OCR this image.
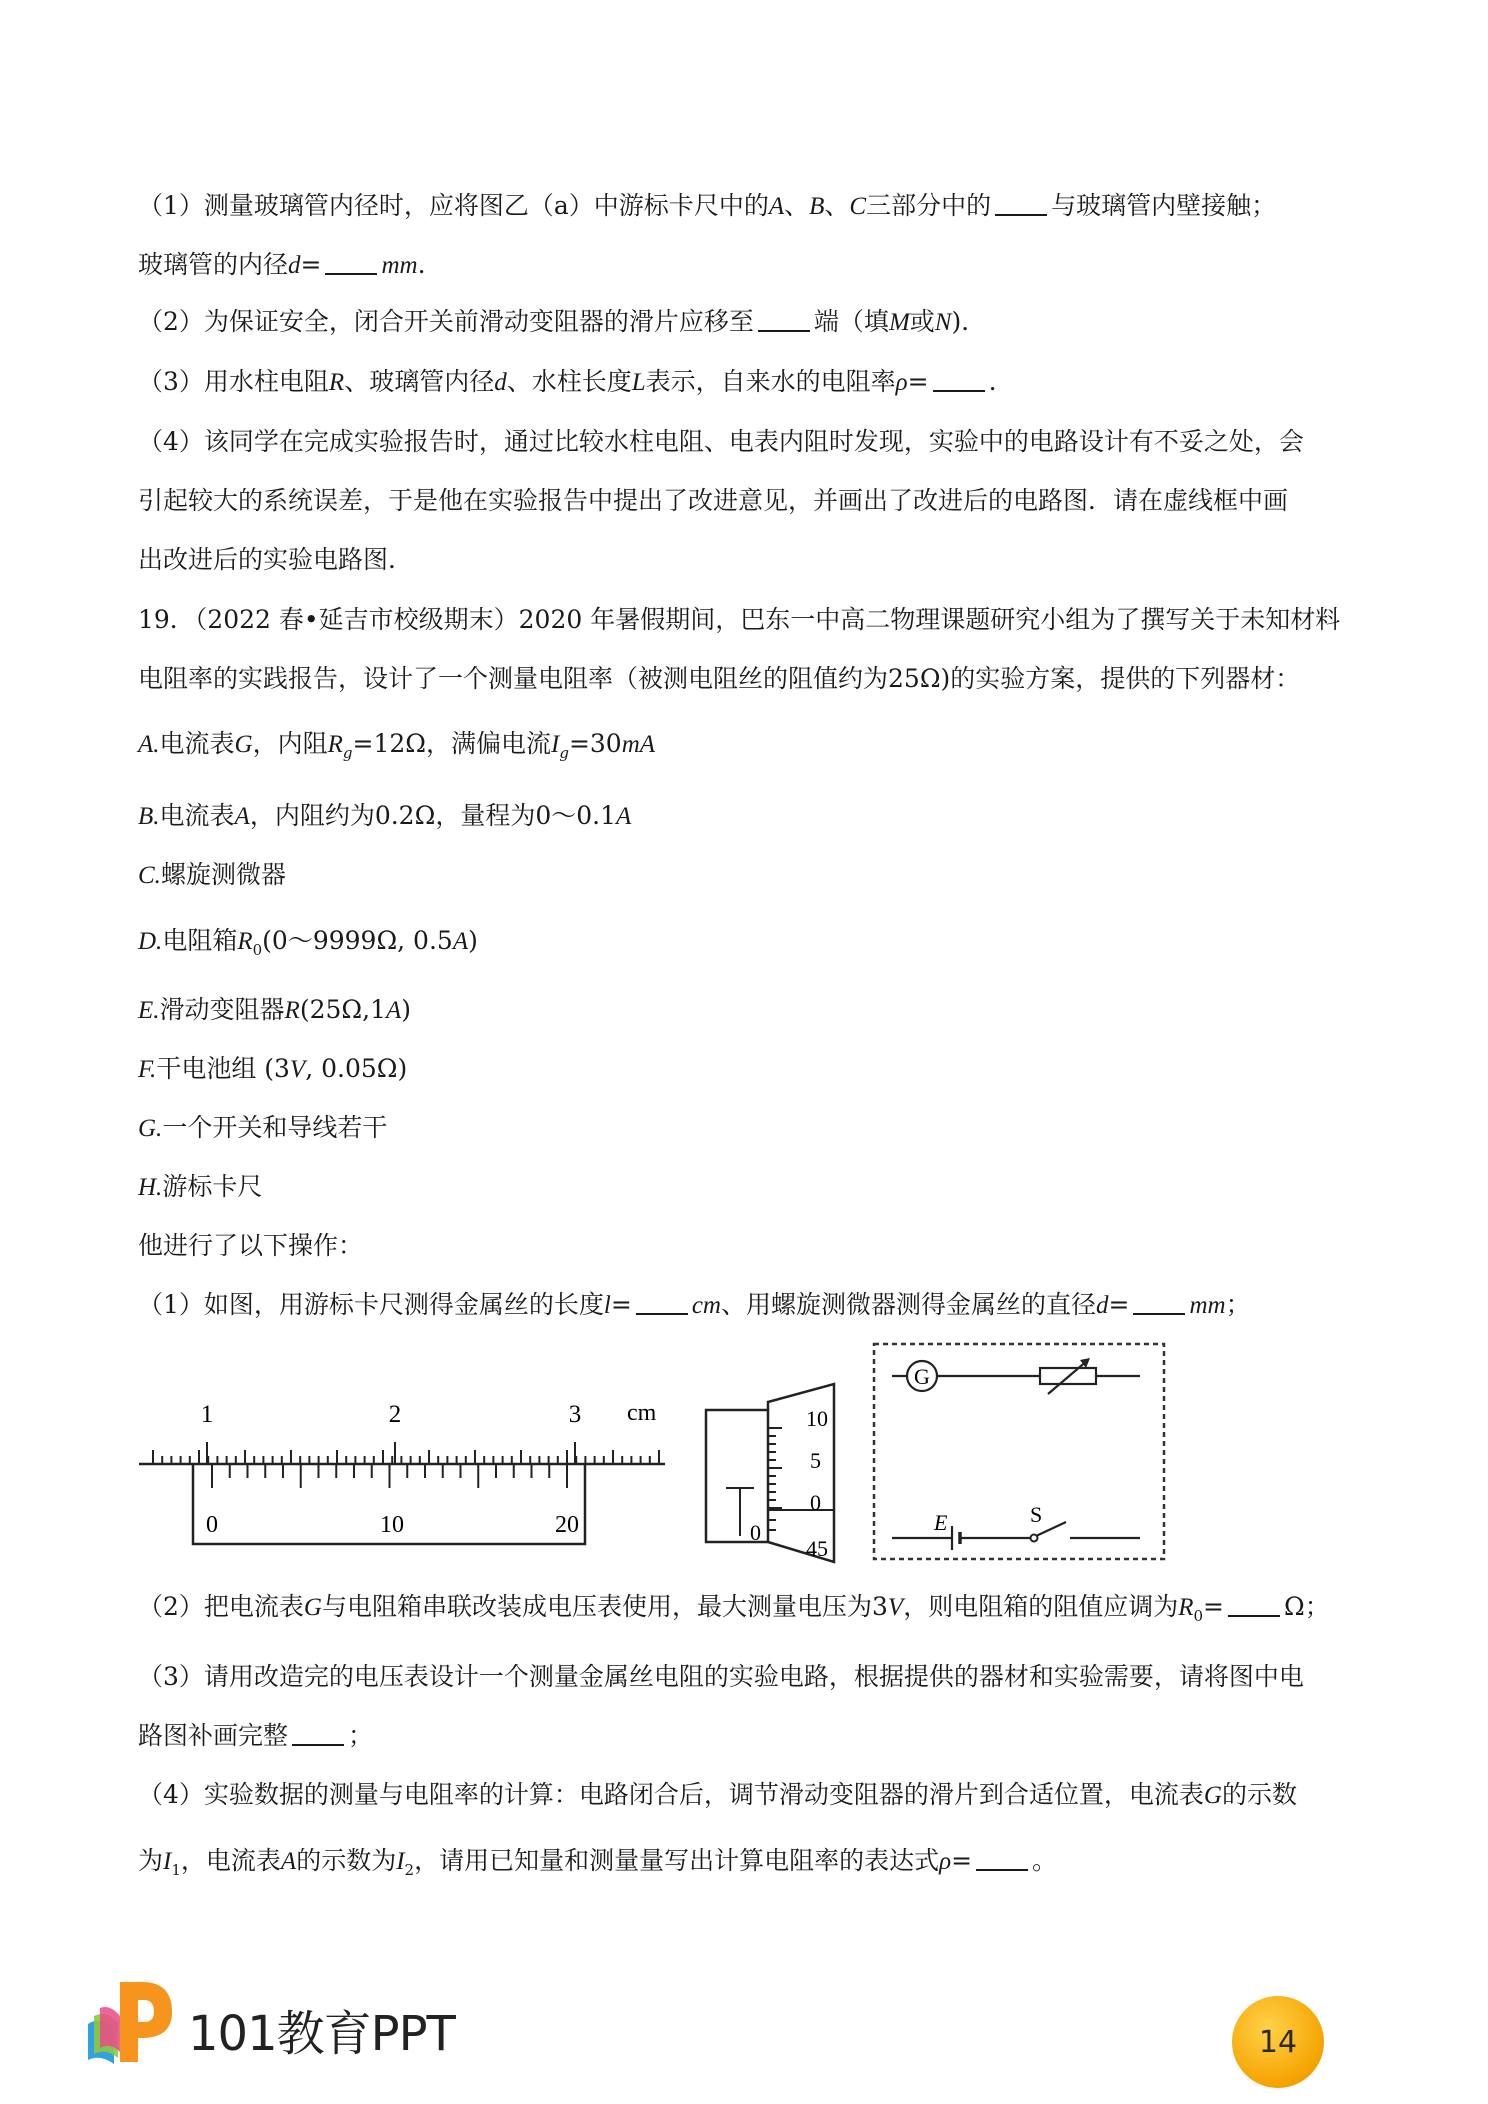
（1）测量玻璃管内径时，应将图乙（a）中游标卡尺中的A、B、C三部分中的 与玻璃管内壁接触；
玻璃管的内径d= mm.
（2）为保证安全，闭合开关前滑动变阻器的滑片应移至 端（填M或N)．
（3）用水柱电阻R、玻璃管内径d、水柱长度L表示，自来水的电阻率ρ= .
（4）该同学在完成实验报告时，通过比较水柱电阻、电表内阻时发现，实验中的电路设计有不妥之处，会
引起较大的系统误差，于是他在实验报告中提出了改进意见，并画出了改进后的电路图．请在虚线框中画
出改进后的实验电路图．
19．（2022 春•延吉市校级期末）2020 年暑假期间，巴东一中高二物理课题研究小组为了撰写关于未知材料
电阻率的实践报告，设计了一个测量电阻率（被测电阻丝的阻值约为25Ω)的实验方案，提供的下列器材：
A.电流表G，内阻$R_g=12\Omega$，满偏电流$I_g=30mA$
B.电流表A，内阻约为0.2Ω，量程为0～0.1A
C.螺旋测微器
D.电阻箱$R_0(0\sim 9999\Omega$, 0.5A)
E.滑动变阻器R(25Ω,1A)
F.干电池组 (3V, 0.05Ω)
G.一个开关和导线若干
H.游标卡尺
他进行了以下操作：
（1）如图，用游标卡尺测得金属丝的长度l= cm、用螺旋测微器测得金属丝的直径d= mm；
1	2	3 cm
0	10	20	0
10
5
0
45
G
E	S
（2）把电流表G与电阻箱串联改装成电压表使用，最大测量电压为3V，则电阻箱的阻值应调为$R_0= \Omega$；
（3）请用改造完的电压表设计一个测量金属丝电阻的实验电路，根据提供的器材和实验需要，请将图中电
路图补画完整 ；
（4）实验数据的测量与电阻率的计算：电路闭合后，调节滑动变阻器的滑片到合适位置，电流表G的示数
为$I_1$，电流表A的示数为$I_2$，请用已知量和测量量写出计算电阻率的表达式ρ= 。
101教育PPT	14
